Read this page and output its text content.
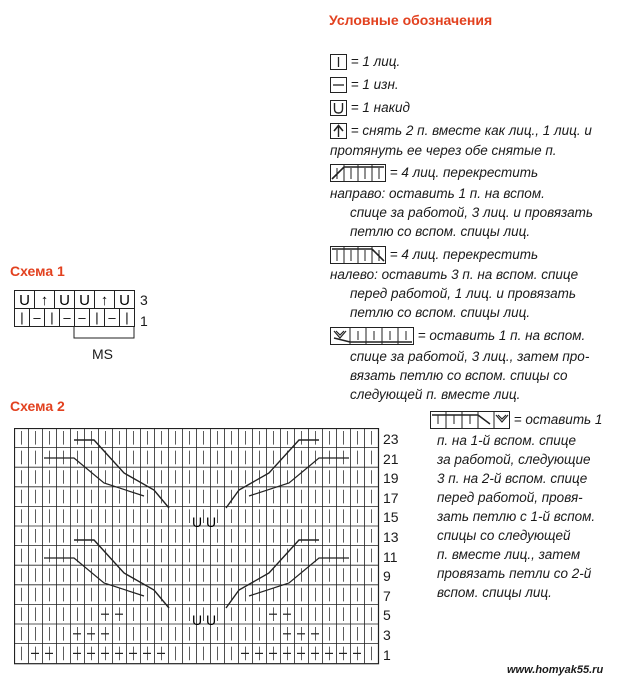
Условные обозначения
= 1 лиц.
= 1 изн.
= 1 накид
= снять 2 п. вместе как лиц., 1 лиц. и
протянуть ее через обе снятые п.
= 4 лиц. перекрестить
направо: оставить 1 п. на вспом.
спице за работой, 3 лиц. и провязать
петлю со вспом. спицы лиц.
= 4 лиц. перекрестить
налево: оставить 3 п. на вспом. спице
перед работой, 1 лиц. и провязать
петлю со вспом. спицы лиц.
= оставить 1 п. на вспом.
спице за работой, 3 лиц., затем про-
вязать петлю со вспом. спицы со
следующей п. вместе лиц.
= оставить 1
п. на 1-й вспом. спице
за работой, следующие
3 п. на 2-й вспом. спице
перед работой, провя-
зать петлю с 1-й вспом.
спицы со следующей
п. вместе лиц., затем
провязать петли со 2-й
вспом. спицы лиц.
Схема 1
U ↑ U U ↑ U
| – | – – | – |
3
1
MS
Схема 2
U U
U U
23
21
19
17
15
13
11
9
7
5
3
1
www.homyak55.ru
